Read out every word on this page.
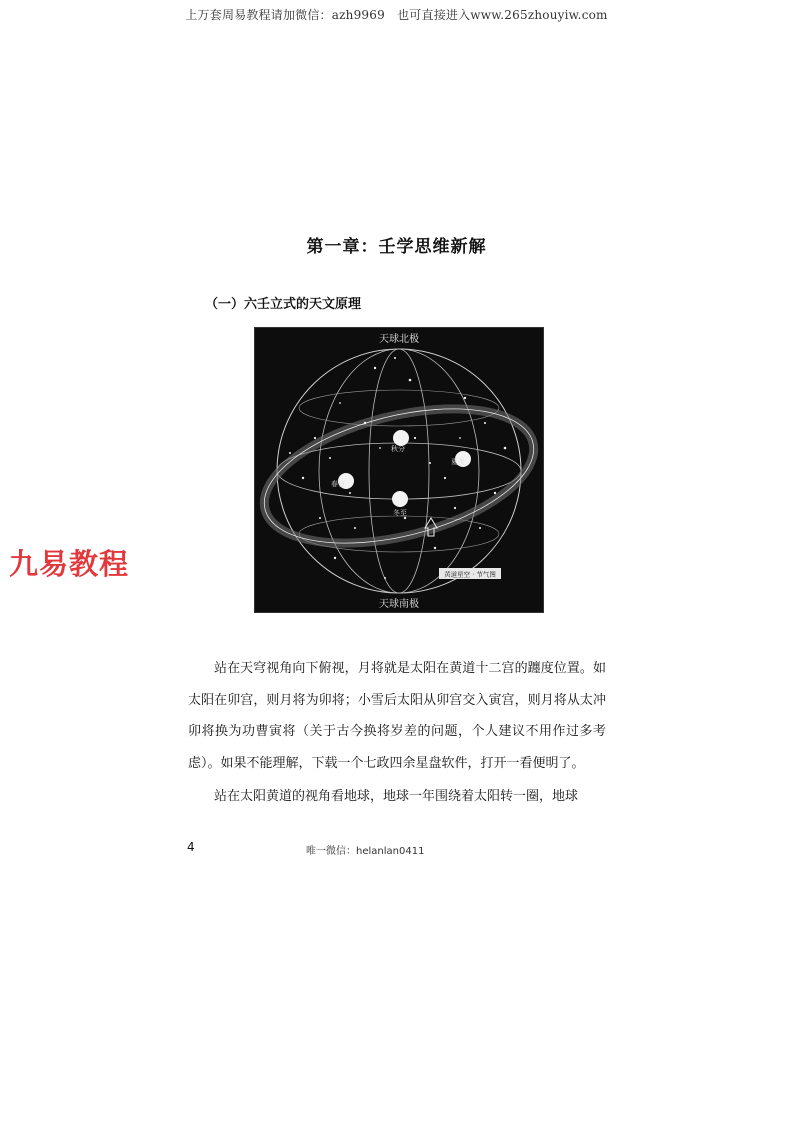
上万套周易教程请加微信：azh9969　也可直接进入www.265zhouyiw.com
第一章：壬学思维新解
（一）六壬立式的天文原理
天球北极
天球南极
春分
夏至
秋分
冬至
黄道星空 · 节气图
九易教程

站在天穹视角向下俯视，月将就是太阳在黄道十二宫的躔度位置。如太阳在卯宫，则月将为卯将；小雪后太阳从卯宫交入寅宫，则月将从太冲卯将换为功曹寅将（关于古今换将岁差的问题，个人建议不用作过多考虑）。如果不能理解，下载一个七政四余星盘软件，打开一看便明了。

站在太阳黄道的视角看地球，地球一年围绕着太阳转一圈，地球

4	唯一微信：helanlan0411
